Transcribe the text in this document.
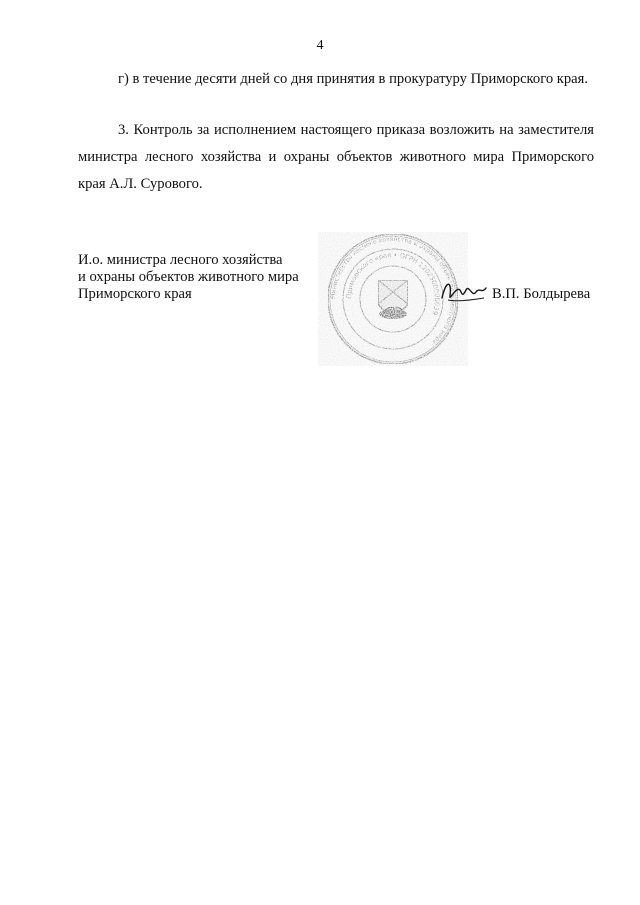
4
г) в течение десяти дней со дня принятия в прокуратуру Приморского края.
3. Контроль за исполнением настоящего приказа возложить на заместителя министра лесного хозяйства и охраны объектов животного мира Приморского края А.Л. Сурового.
И.о. министра лесного хозяйства
и охраны объектов животного мира
Приморского края	Министерство лесного хозяйства и охраны объектов животного мира
Приморского края • ОГРН 1202500000039
В.П. Болдырева
